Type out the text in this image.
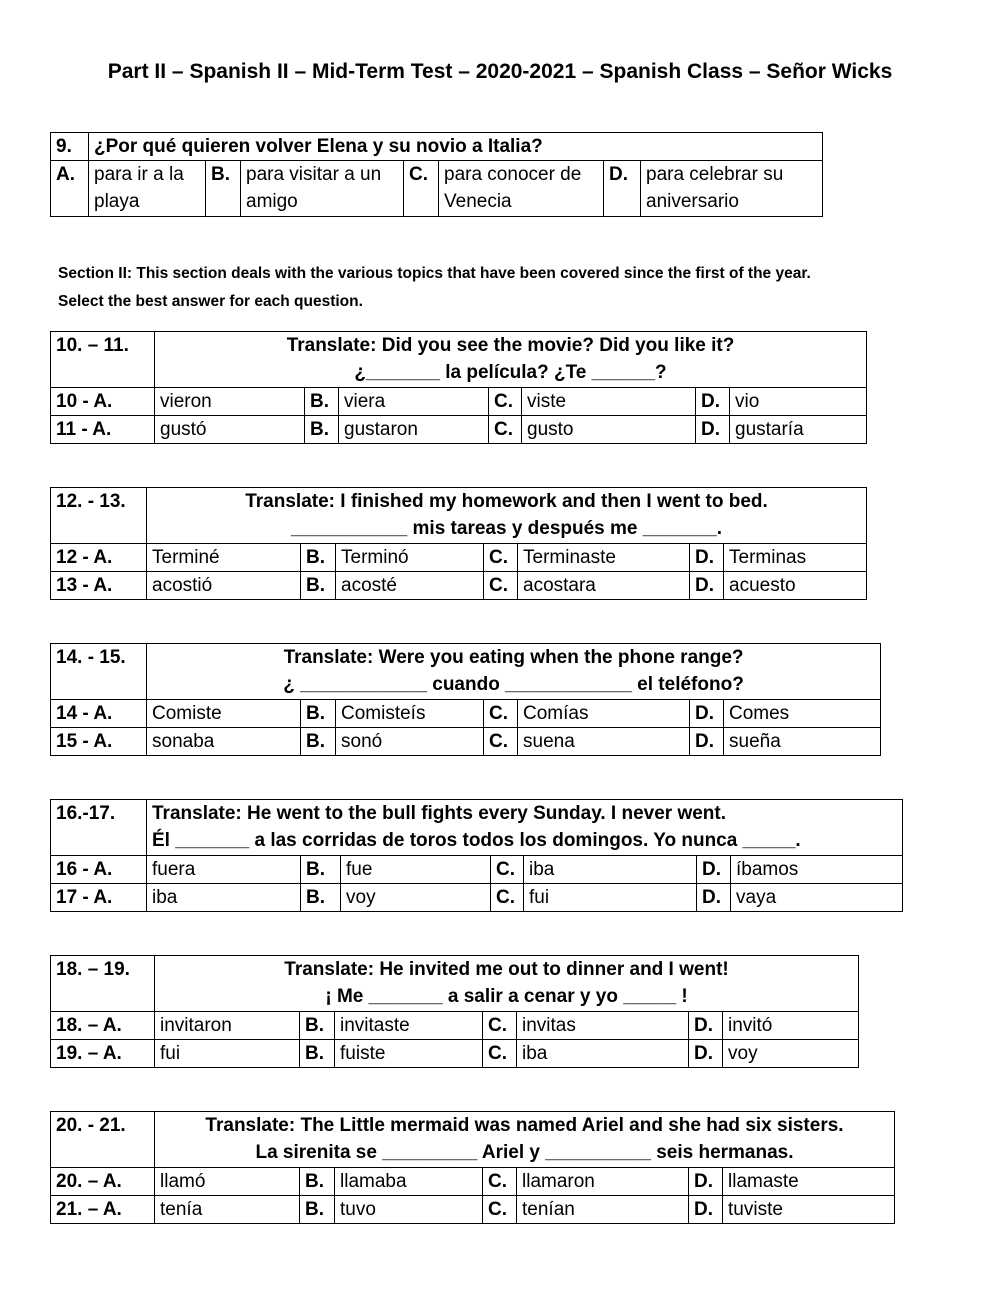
Part II – Spanish II – Mid-Term Test – 2020-2021 – Spanish Class – Señor Wicks
9.	¿Por qué quieren volver Elena y su novio a Italia?						
A.	para ir a la playa	B.	para visitar a un amigo	C.	para conocer de Venecia	D.	para celebrar su aniversario
Section II: This section deals with the various topics that have been covered since the first of the year.
Select the best answer for each question.
10. – 11.	Translate: Did you see the movie? Did you like it?
¿_______ la película? ¿Te ______?						

10 - A.	vieron	B.	viera	C.	viste	D.	vio
11 - A.	gustó	B.	gustaron	C.	gusto	D.	gustaría
12. - 13.	Translate: I finished my homework and then I went to bed.
___________ mis tareas y después me _______.						

12 - A.	Terminé	B.	Terminó	C.	Terminaste	D.	Terminas
13 - A.	acostió	B.	acosté	C.	acostara	D.	acuesto
14. - 15.	Translate: Were you eating when the phone range?
¿ ____________ cuando ____________ el teléfono?						

14 - A.	Comiste	B.	Comisteís	C.	Comías	D.	Comes
15 - A.	sonaba	B.	sonó	C.	suena	D.	sueña
16.-17.	Translate: He went to the bull fights every Sunday. I never went.
Él _______ a las corridas de toros todos los domingos. Yo nunca _____.						

16 - A.	fuera	B.	fue	C.	iba	D.	íbamos
17 - A.	iba	B.	voy	C.	fui	D.	vaya
18. – 19.	Translate: He invited me out to dinner and I went!
¡ Me _______ a salir a cenar y yo _____ !						

18. – A.	invitaron	B.	invitaste	C.	invitas	D.	invitó
19. – A.	fui	B.	fuiste	C.	iba	D.	voy
20. - 21.	Translate: The Little mermaid was named Ariel and she had six sisters.
La sirenita se _________ Ariel y __________ seis hermanas.						

20. – A.	llamó	B.	llamaba	C.	llamaron	D.	llamaste
21. – A.	tenía	B.	tuvo	C.	tenían	D.	tuviste
